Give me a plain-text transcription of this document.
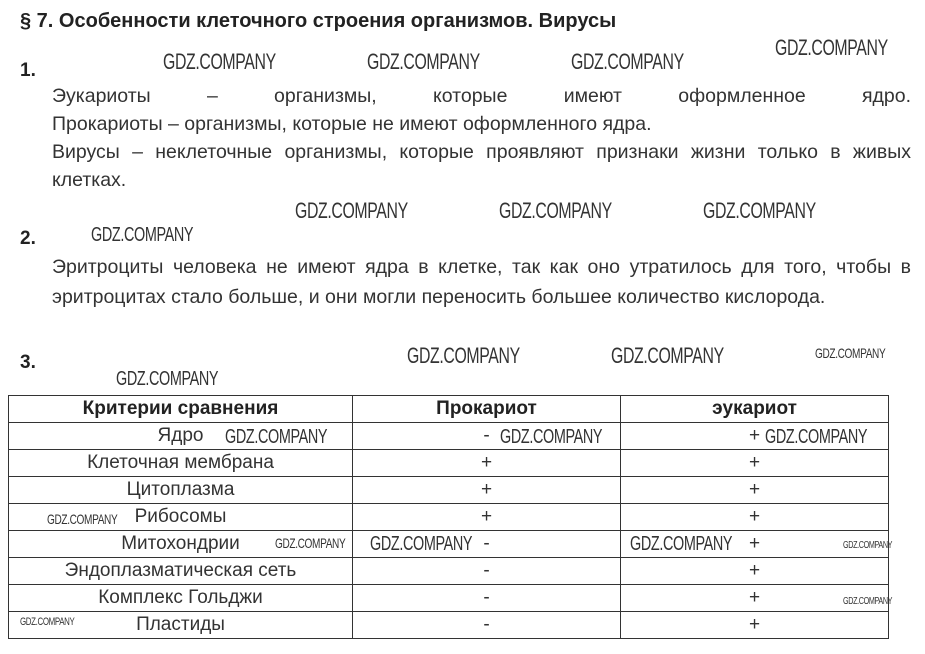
§ 7. Особенности клеточного строения организмов. Вирусы
1.

Эукариоты – организмы, которые имеют оформленное ядро.

Прокариоты – организмы, которые не имеют оформленного ядра.

Вирусы – неклеточные организмы, которые проявляют признаки жизни только в живых клетках.

2.

Эритроциты человека не имеют ядра в клетке, так как оно утратилось для того, чтобы в эритроцитах стало больше, и они могли переносить большее количество кислорода.

3.
Критерии сравнения	Прокариот	эукариот
Ядро	-	+
Клеточная мембрана	+	+
Цитоплазма	+	+
Рибосомы	+	+
Митохондрии	-	+
Эндоплазматическая сеть	-	+
Комплекс Гольджи	-	+
Пластиды	-	+
GDZ.COMPANY
GDZ.COMPANY	GDZ.COMPANY	GDZ.COMPANY
GDZ.COMPANY
GDZ.COMPANY	GDZ.COMPANY
GDZ.COMPANY
GDZ.COMPANY
GDZ.COMPANY	GDZ.COMPANY
GDZ.COMPANY
GDZ.COMPANY	GDZ.COMPANY	GDZ.COMPANY
GDZ.COMPANY
GDZ.COMPANY GDZ.COMPANY	GDZ.COMPANY	GDZ.COMPANY
GDZ.COMPANY
GDZ.COMPANY
